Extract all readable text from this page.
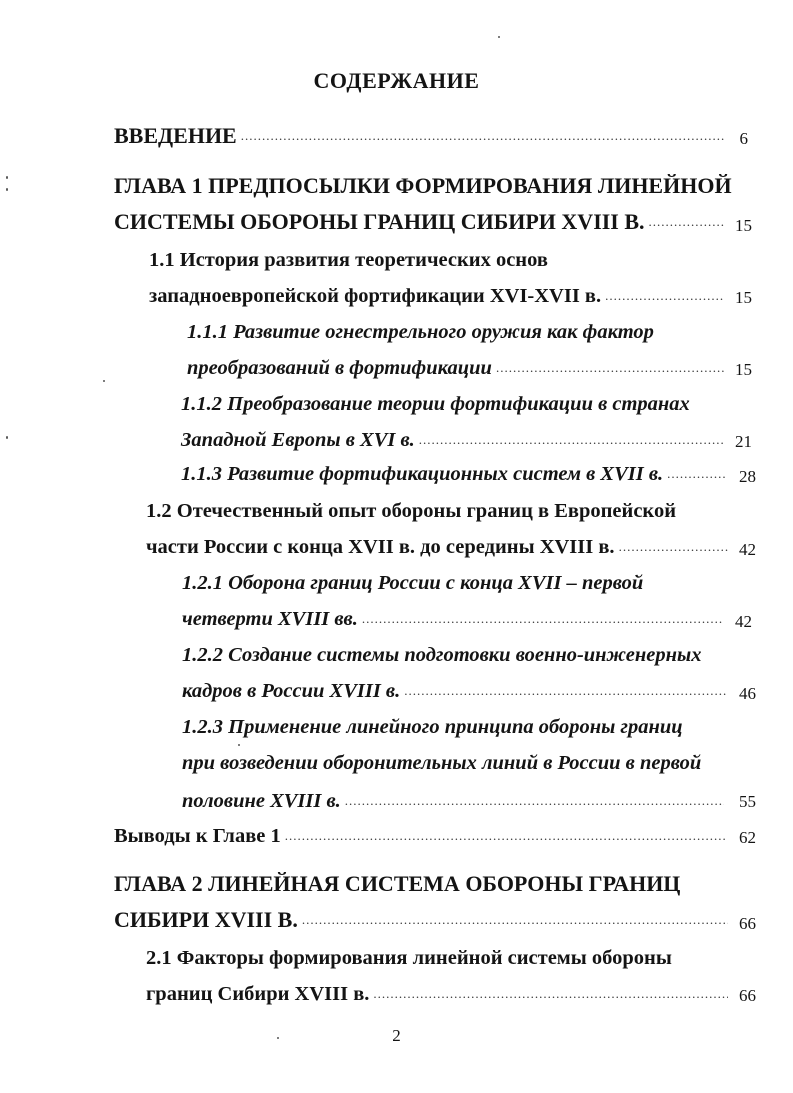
СОДЕРЖАНИЕ
ВВЕДЕНИЕ .....	6
ГЛАВА 1 ПРЕДПОСЫЛКИ ФОРМИРОВАНИЯ ЛИНЕЙНОЙ
СИСТЕМЫ ОБОРОНЫ ГРАНИЦ СИБИРИ XVIII В. .....	15
1.1 История развития теоретических основ
западноевропейской фортификации XVI-XVII в. .....	15
1.1.1 Развитие огнестрельного оружия как фактор
преобразований в фортификации .....	15
1.1.2 Преобразование теории фортификации в странах
Западной Европы в XVI в. .....	21
1.1.3 Развитие фортификационных систем в XVII в. .....	28
1.2 Отечественный опыт обороны границ в Европейской
части России с конца XVII в. до середины XVIII в. .....	42
1.2.1 Оборона границ России с конца XVII – первой
четверти XVIII вв. .....	42
1.2.2 Создание системы подготовки военно-инженерных
кадров в России XVIII в. .....	46
1.2.3 Применение линейного принципа обороны границ
при возведении оборонительных линий в России в первой
половине XVIII в. .....	55
Выводы к Главе 1 .....	62
ГЛАВА 2 ЛИНЕЙНАЯ СИСТЕМА ОБОРОНЫ ГРАНИЦ
СИБИРИ XVIII В. .....	66
2.1 Факторы формирования линейной системы обороны
границ Сибири XVIII в. .....	66
2
